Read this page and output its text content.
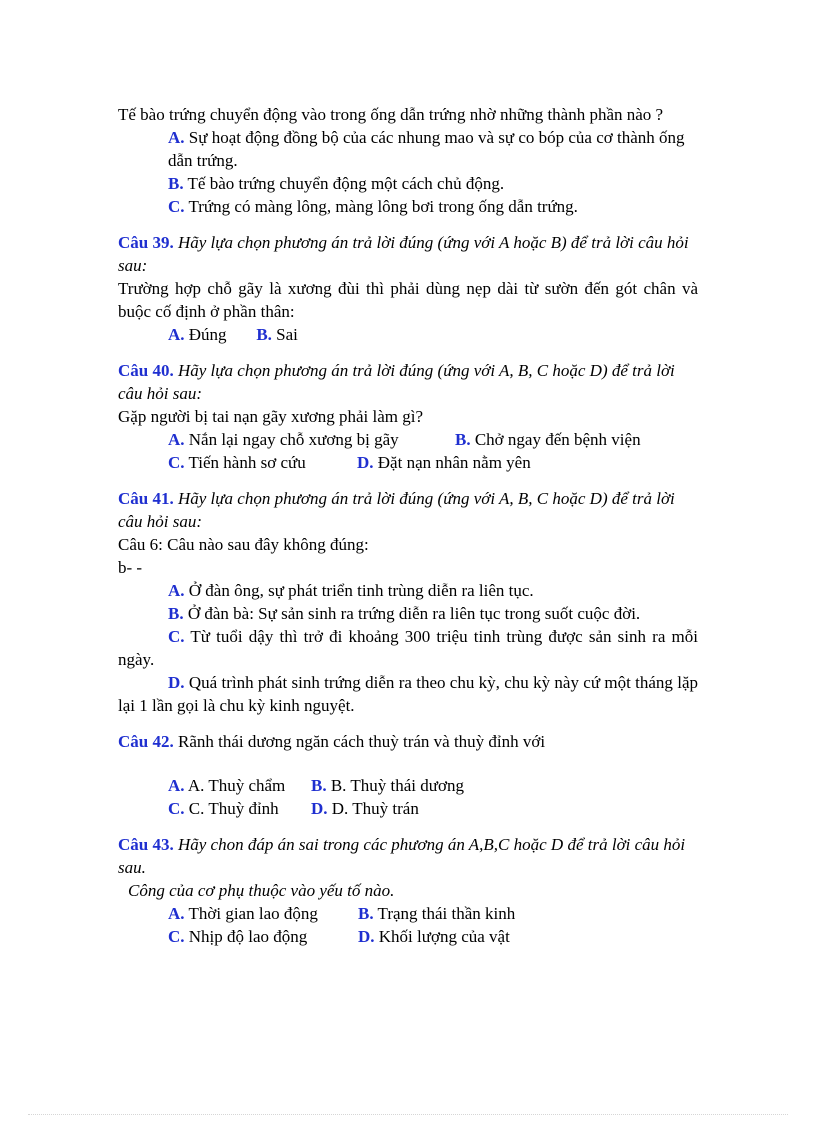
Tế bào trứng chuyển động vào trong ống dẫn trứng nhờ những thành phần nào ?

A. Sự hoạt động đồng bộ của các nhung mao và sự co bóp của cơ thành ống dẫn trứng.

B. Tế bào trứng chuyển động một cách chủ động.

C. Trứng có màng lông, màng lông bơi trong ống dẫn trứng.

Câu 39. Hãy lựa chọn phương án trả lời đúng (ứng với A hoặc B) để trả lời câu hỏi sau:

Trường hợp chỗ gãy là xương đùi thì phải dùng nẹp dài từ sườn đến gót chân và buộc cố định ở phần thân:

A. Đúng B. Sai

Câu 40. Hãy lựa chọn phương án trả lời đúng (ứng với A, B, C hoặc D) để trả lời câu hỏi sau:

Gặp người bị tai nạn gãy xương phải làm gì?

A. Nắn lại ngay chỗ xương bị gãy	B. Chở ngay đến bệnh viện
C. Tiến hành sơ cứu	D. Đặt nạn nhân nằm yên

Câu 41. Hãy lựa chọn phương án trả lời đúng (ứng với A, B, C hoặc D) để trả lời câu hỏi sau:

Câu 6: Câu nào sau đây không đúng:

b- -

A. Ở đàn ông, sự phát triển tinh trùng diễn ra liên tục.

B. Ở đàn bà: Sự sản sinh ra trứng diễn ra liên tục trong suốt cuộc đời.

C. Từ tuổi dậy thì trở đi khoảng 300 triệu tinh trùng được sản sinh ra mỗi ngày.

D. Quá trình phát sinh trứng diễn ra theo chu kỳ, chu kỳ này cứ một tháng lặp lại 1 lần gọi là chu kỳ kinh nguyệt.

Câu 42. Rãnh thái dương ngăn cách thuỳ trán và thuỳ đỉnh với

A. A. Thuỳ chẩm	B. B. Thuỳ thái dương
C. C. Thuỳ đỉnh	D. D. Thuỳ trán

Câu 43. Hãy chon đáp án sai trong các phương án A,B,C hoặc D để trả lời câu hỏi sau.

Công của cơ phụ thuộc vào yếu tố nào.

A. Thời gian lao động	B. Trạng thái thần kinh
C. Nhịp độ lao động	D. Khối lượng của vật
